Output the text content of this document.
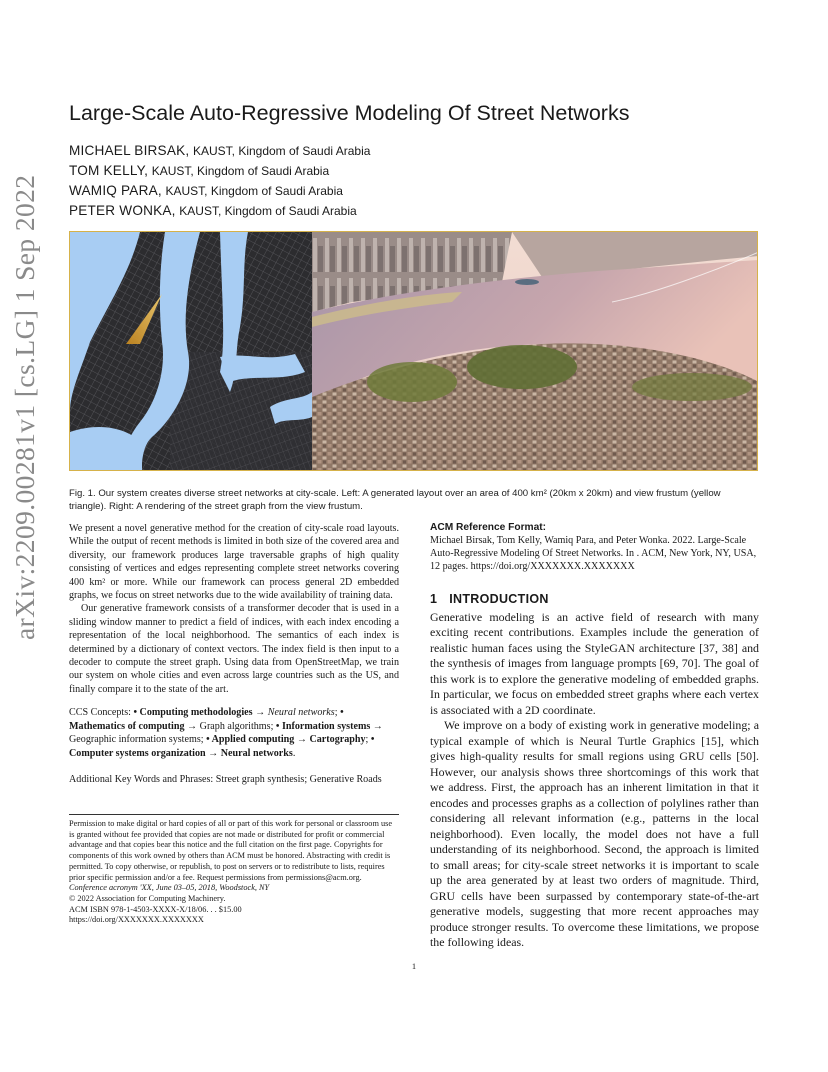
arXiv:2209.00281v1 [cs.LG] 1 Sep 2022
Large-Scale Auto-Regressive Modeling Of Street Networks
MICHAEL BIRSAK, KAUST, Kingdom of Saudi Arabia
TOM KELLY, KAUST, Kingdom of Saudi Arabia
WAMIQ PARA, KAUST, Kingdom of Saudi Arabia
PETER WONKA, KAUST, Kingdom of Saudi Arabia

Fig. 1. Our system creates diverse street networks at city-scale. Left: A generated layout over an area of 400 km² (20km x 20km) and view frustum (yellow triangle). Right: A rendering of the street graph from the view frustum.

We present a novel generative method for the creation of city-scale road layouts. While the output of recent methods is limited in both size of the covered area and diversity, our framework produces large traversable graphs of high quality consisting of vertices and edges representing complete street networks covering 400 km² or more. While our framework can process general 2D embedded graphs, we focus on street networks due to the wide availability of training data.

Our generative framework consists of a transformer decoder that is used in a sliding window manner to predict a field of indices, with each index encoding a representation of the local neighborhood. The semantics of each index is determined by a dictionary of context vectors. The index field is then input to a decoder to compute the street graph. Using data from OpenStreetMap, we train our system on whole cities and even across large countries such as the US, and finally compare it to the state of the art.

CCS Concepts: • Computing methodologies → Neural networks; • Mathematics of computing → Graph algorithms; • Information systems → Geographic information systems; • Applied computing → Cartography; • Computer systems organization → Neural networks.

Additional Key Words and Phrases: Street graph synthesis; Generative Roads

Permission to make digital or hard copies of all or part of this work for personal or classroom use is granted without fee provided that copies are not made or distributed for profit or commercial advantage and that copies bear this notice and the full citation on the first page. Copyrights for components of this work owned by others than ACM must be honored. Abstracting with credit is permitted. To copy otherwise, or republish, to post on servers or to redistribute to lists, requires prior specific permission and/or a fee. Request permissions from permissions@acm.org.

Conference acronym 'XX, June 03–05, 2018, Woodstock, NY

© 2022 Association for Computing Machinery.

ACM ISBN 978-1-4503-XXXX-X/18/06. . . $15.00

https://doi.org/XXXXXXX.XXXXXXX

ACM Reference Format:

Michael Birsak, Tom Kelly, Wamiq Para, and Peter Wonka. 2022. Large-Scale Auto-Regressive Modeling Of Street Networks. In . ACM, New York, NY, USA, 12 pages. https://doi.org/XXXXXXX.XXXXXXX

1 INTRODUCTION

Generative modeling is an active field of research with many exciting recent contributions. Examples include the generation of realistic human faces using the StyleGAN architecture [37, 38] and the synthesis of images from language prompts [69, 70]. The goal of this work is to explore the generative modeling of embedded graphs. In particular, we focus on embedded street graphs where each vertex is associated with a 2D coordinate.

We improve on a body of existing work in generative modeling; a typical example of which is Neural Turtle Graphics [15], which gives high-quality results for small regions using GRU cells [50]. However, our analysis shows three shortcomings of this work that we address. First, the approach has an inherent limitation in that it encodes and processes graphs as a collection of polylines rather than considering all relevant information (e.g., patterns in the local neighborhood). Even locally, the model does not have a full understanding of its neighborhood. Second, the approach is limited to small areas; for city-scale street networks it is important to scale up the area generated by at least two orders of magnitude. Third, GRU cells have been surpassed by contemporary state-of-the-art generative models, suggesting that more recent approaches may produce stronger results. To overcome these limitations, we propose the following ideas.

1
